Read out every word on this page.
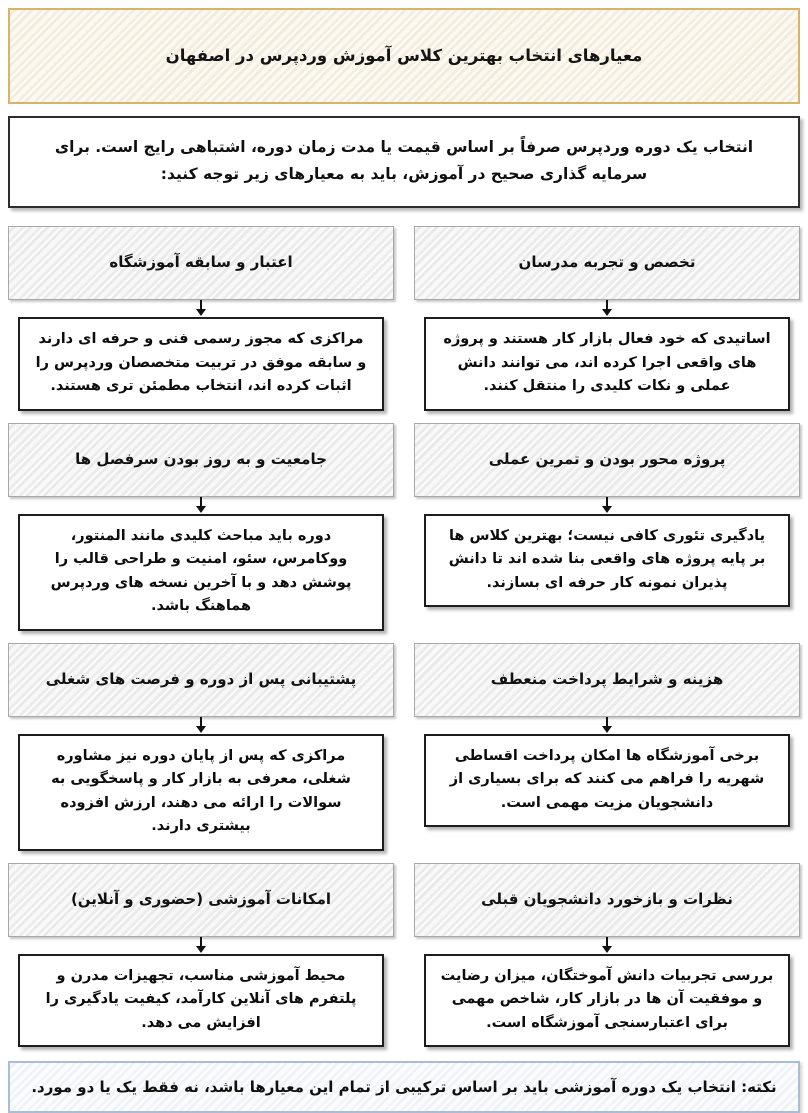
معیارهای انتخاب بهترین کلاس آموزش وردپرس در اصفهان
انتخاب یک دوره وردپرس صرفاً بر اساس قیمت یا مدت زمان دوره، اشتباهی رایج است. برای سرمایه گذاری صحیح در آموزش، باید به معیارهای زیر توجه کنید:
تخصص و تجربه مدرسان
اساتیدی که خود فعال بازار کار هستند و پروژه های واقعی اجرا کرده اند، می توانند دانش عملی و نکات کلیدی را منتقل کنند.
اعتبار و سابقه آموزشگاه
مراکزی که مجوز رسمی فنی و حرفه ای دارند و سابقه موفق در تربیت متخصصان وردپرس را اثبات کرده اند، انتخاب مطمئن تری هستند.
پروژه محور بودن و تمرین عملی
یادگیری تئوری کافی نیست؛ بهترین کلاس ها بر پایه پروژه های واقعی بنا شده اند تا دانش پذیران نمونه کار حرفه ای بسازند.
جامعیت و به روز بودن سرفصل ها
دوره باید مباحث کلیدی مانند المنتور، ووکامرس، سئو، امنیت و طراحی قالب را پوشش دهد و با آخرین نسخه های وردپرس هماهنگ باشد.
هزینه و شرایط پرداخت منعطف
برخی آموزشگاه ها امکان پرداخت اقساطی شهریه را فراهم می کنند که برای بسیاری از دانشجویان مزیت مهمی است.
پشتیبانی پس از دوره و فرصت های شغلی
مراکزی که پس از پایان دوره نیز مشاوره شغلی، معرفی به بازار کار و پاسخگویی به سوالات را ارائه می دهند، ارزش افزوده بیشتری دارند.
نظرات و بازخورد دانشجویان قبلی
بررسی تجربیات دانش آموختگان، میزان رضایت و موفقیت آن ها در بازار کار، شاخص مهمی برای اعتبارسنجی آموزشگاه است.
امکانات آموزشی (حضوری و آنلاین)
محیط آموزشی مناسب، تجهیزات مدرن و پلتفرم های آنلاین کارآمد، کیفیت یادگیری را افزایش می دهد.
نکته: انتخاب یک دوره آموزشی باید بر اساس ترکیبی از تمام این معیارها باشد، نه فقط یک یا دو مورد.
